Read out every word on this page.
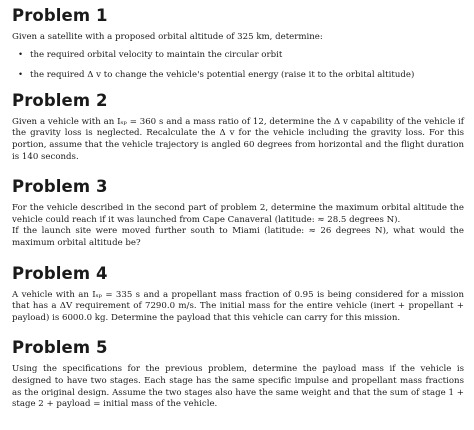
Problem 1

Given a satellite with a proposed orbital altitude of 325 km, determine:

• the required orbital velocity to maintain the circular orbit
• the required Δ v to change the vehicle's potential energy (raise it to the orbital altitude)
Problem 2

Given a vehicle with an Iₛₚ = 360 s and a mass ratio of 12, determine the Δ v capability of the vehicle if the gravity loss is neglected. Recalculate the Δ v for the vehicle including the gravity loss. For this portion, assume that the vehicle trajectory is angled 60 degrees from horizontal and the flight duration is 140 seconds.

Problem 3

For the vehicle described in the second part of problem 2, determine the maximum orbital altitude the vehicle could reach if it was launched from Cape Canaveral (latitude: ≈ 28.5 degrees N).

If the launch site were moved further south to Miami (latitude: ≈ 26 degrees N), what would the maximum orbital altitude be?

Problem 4

A vehicle with an Iₛₚ = 335 s and a propellant mass fraction of 0.95 is being considered for a mission that has a ΔV requirement of 7290.0 m/s. The initial mass for the entire vehicle (inert + propellant + payload) is 6000.0 kg. Determine the payload that this vehicle can carry for this mission.

Problem 5

Using the specifications for the previous problem, determine the payload mass if the vehicle is designed to have two stages. Each stage has the same specific impulse and propellant mass fractions as the original design. Assume the two stages also have the same weight and that the sum of stage 1 + stage 2 + payload = initial mass of the vehicle.
